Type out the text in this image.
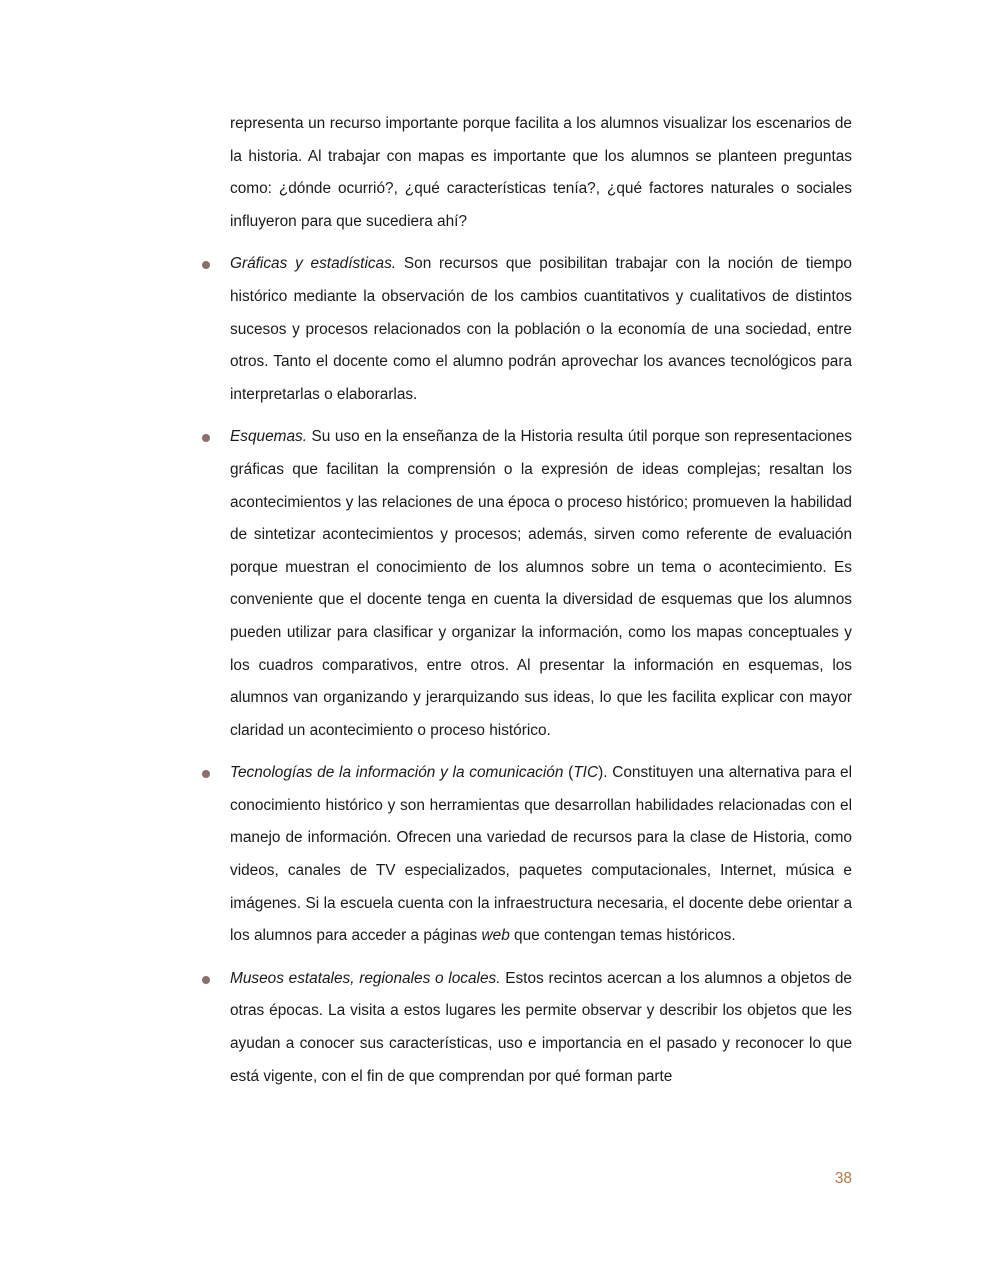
representa un recurso importante porque facilita a los alumnos visualizar los escenarios de la historia. Al trabajar con mapas es importante que los alumnos se planteen preguntas como: ¿dónde ocurrió?, ¿qué características tenía?, ¿qué factores naturales o sociales influyeron para que sucediera ahí?

Gráficas y estadísticas. Son recursos que posibilitan trabajar con la noción de tiempo histórico mediante la observación de los cambios cuantitativos y cualitativos de distintos sucesos y procesos relacionados con la población o la economía de una sociedad, entre otros. Tanto el docente como el alumno podrán aprovechar los avances tecnológicos para interpretarlas o elaborarlas.

Esquemas. Su uso en la enseñanza de la Historia resulta útil porque son representaciones gráficas que facilitan la comprensión o la expresión de ideas complejas; resaltan los acontecimientos y las relaciones de una época o proceso histórico; promueven la habilidad de sintetizar acontecimientos y procesos; además, sirven como referente de evaluación porque muestran el conocimiento de los alumnos sobre un tema o acontecimiento. Es conveniente que el docente tenga en cuenta la diversidad de esquemas que los alumnos pueden utilizar para clasificar y organizar la información, como los mapas conceptuales y los cuadros comparativos, entre otros. Al presentar la información en esquemas, los alumnos van organizando y jerarquizando sus ideas, lo que les facilita explicar con mayor claridad un acontecimiento o proceso histórico.

Tecnologías de la información y la comunicación (TIC). Constituyen una alternativa para el conocimiento histórico y son herramientas que desarrollan habilidades relacionadas con el manejo de información. Ofrecen una variedad de recursos para la clase de Historia, como videos, canales de TV especializados, paquetes computacionales, Internet, música e imágenes. Si la escuela cuenta con la infraestructura necesaria, el docente debe orientar a los alumnos para acceder a páginas web que contengan temas históricos.

Museos estatales, regionales o locales. Estos recintos acercan a los alumnos a objetos de otras épocas. La visita a estos lugares les permite observar y describir los objetos que les ayudan a conocer sus características, uso e importancia en el pasado y reconocer lo que está vigente, con el fin de que comprendan por qué forman parte

38
